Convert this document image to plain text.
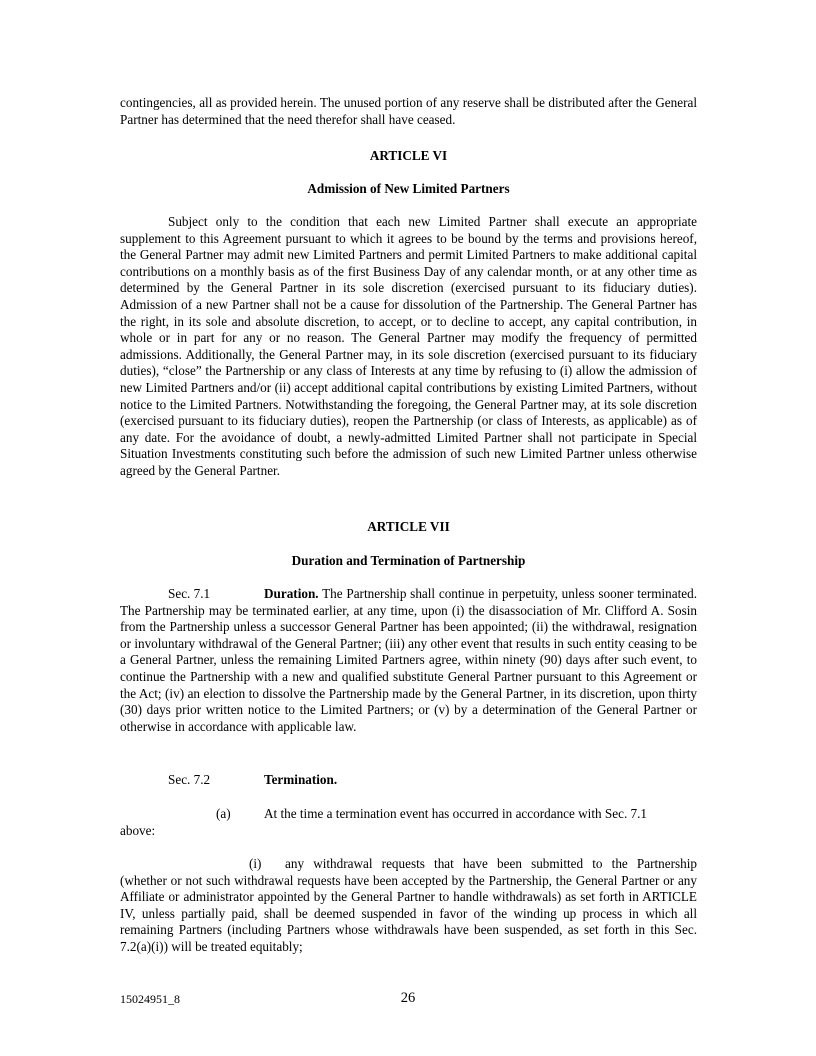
contingencies, all as provided herein. The unused portion of any reserve shall be distributed after the General Partner has determined that the need therefor shall have ceased.

ARTICLE VI
Admission of New Limited Partners

Subject only to the condition that each new Limited Partner shall execute an appropriate supplement to this Agreement pursuant to which it agrees to be bound by the terms and provisions hereof, the General Partner may admit new Limited Partners and permit Limited Partners to make additional capital contributions on a monthly basis as of the first Business Day of any calendar month, or at any other time as determined by the General Partner in its sole discretion (exercised pursuant to its fiduciary duties). Admission of a new Partner shall not be a cause for dissolution of the Partnership. The General Partner has the right, in its sole and absolute discretion, to accept, or to decline to accept, any capital contribution, in whole or in part for any or no reason. The General Partner may modify the frequency of permitted admissions. Additionally, the General Partner may, in its sole discretion (exercised pursuant to its fiduciary duties), “close” the Partnership or any class of Interests at any time by refusing to (i) allow the admission of new Limited Partners and/or (ii) accept additional capital contributions by existing Limited Partners, without notice to the Limited Partners. Notwithstanding the foregoing, the General Partner may, at its sole discretion (exercised pursuant to its fiduciary duties), reopen the Partnership (or class of Interests, as applicable) as of any date. For the avoidance of doubt, a newly-admitted Limited Partner shall not participate in Special Situation Investments constituting such before the admission of such new Limited Partner unless otherwise agreed by the General Partner.

ARTICLE VII
Duration and Termination of Partnership

Sec. 7.1	Duration. The Partnership shall continue in perpetuity, unless sooner terminated. The Partnership may be terminated earlier, at any time, upon (i) the disassociation of Mr. Clifford A. Sosin from the Partnership unless a successor General Partner has been appointed; (ii) the withdrawal, resignation or involuntary withdrawal of the General Partner; (iii) any other event that results in such entity ceasing to be a General Partner, unless the remaining Limited Partners agree, within ninety (90) days after such event, to continue the Partnership with a new and qualified substitute General Partner pursuant to this Agreement or the Act; (iv) an election to dissolve the Partnership made by the General Partner, in its discretion, upon thirty (30) days prior written notice to the Limited Partners; or (v) by a determination of the General Partner or otherwise in accordance with applicable law.

Sec. 7.2	Termination.
(a)	At the time a termination event has occurred in accordance with Sec. 7.1
above:
(i) any withdrawal requests that have been submitted to the Partnership

(whether or not such withdrawal requests have been accepted by the Partnership, the General Partner or any Affiliate or administrator appointed by the General Partner to handle withdrawals) as set forth in ARTICLE IV, unless partially paid, shall be deemed suspended in favor of the winding up process in which all remaining Partners (including Partners whose withdrawals have been suspended, as set forth in this Sec. 7.2(a)(i)) will be treated equitably;

15024951_8	26
